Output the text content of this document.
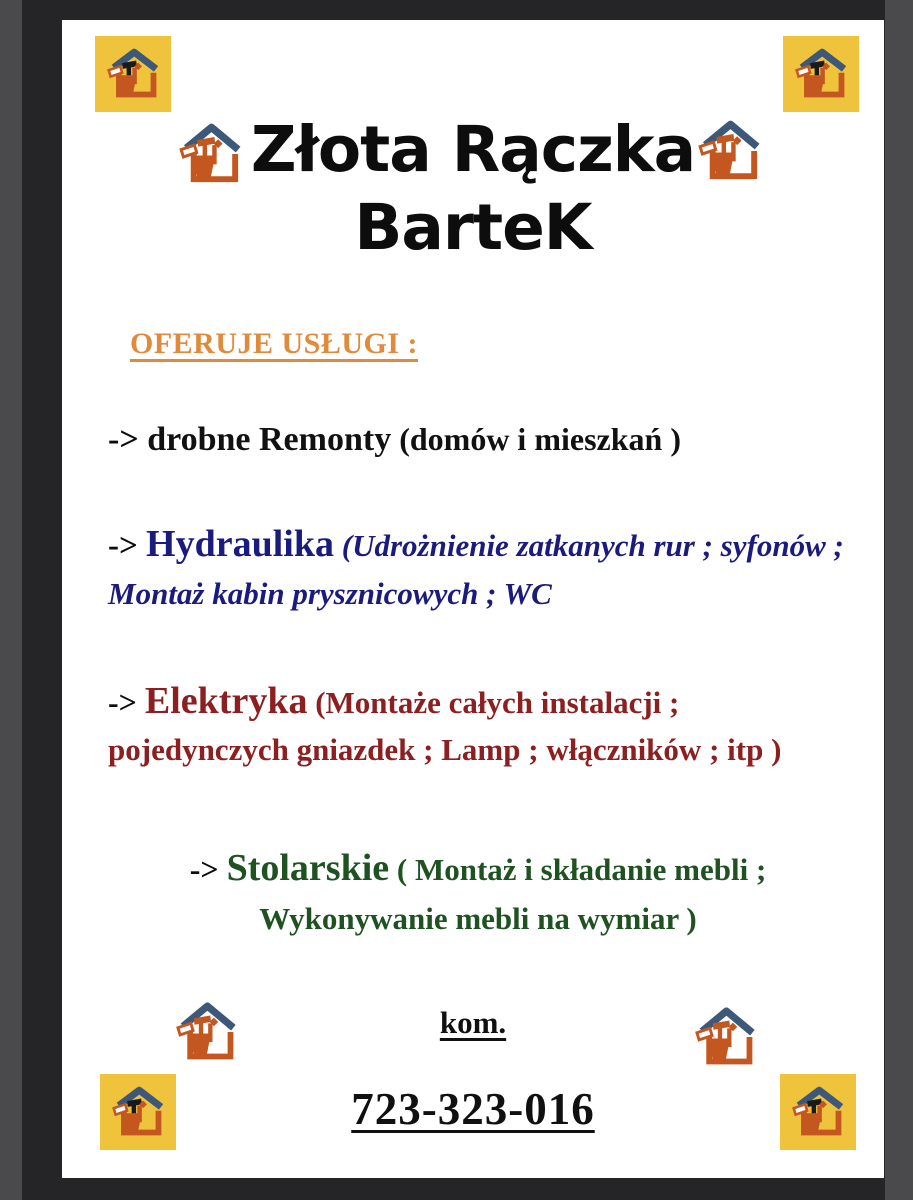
Złota Rączka
BarteK
OFERUJE USŁUGI :
-> drobne Remonty (domów i mieszkań )
-> Hydraulika (Udrożnienie zatkanych rur ; syfonów ; Montaż kabin prysznicowych ; WC
-> Elektryka (Montaże całych instalacji ; pojedynczych gniazdek ; Lamp ; włączników ; itp )
-> Stolarskie ( Montaż i składanie mebli ; Wykonywanie mebli na wymiar )
kom.
723-323-016
